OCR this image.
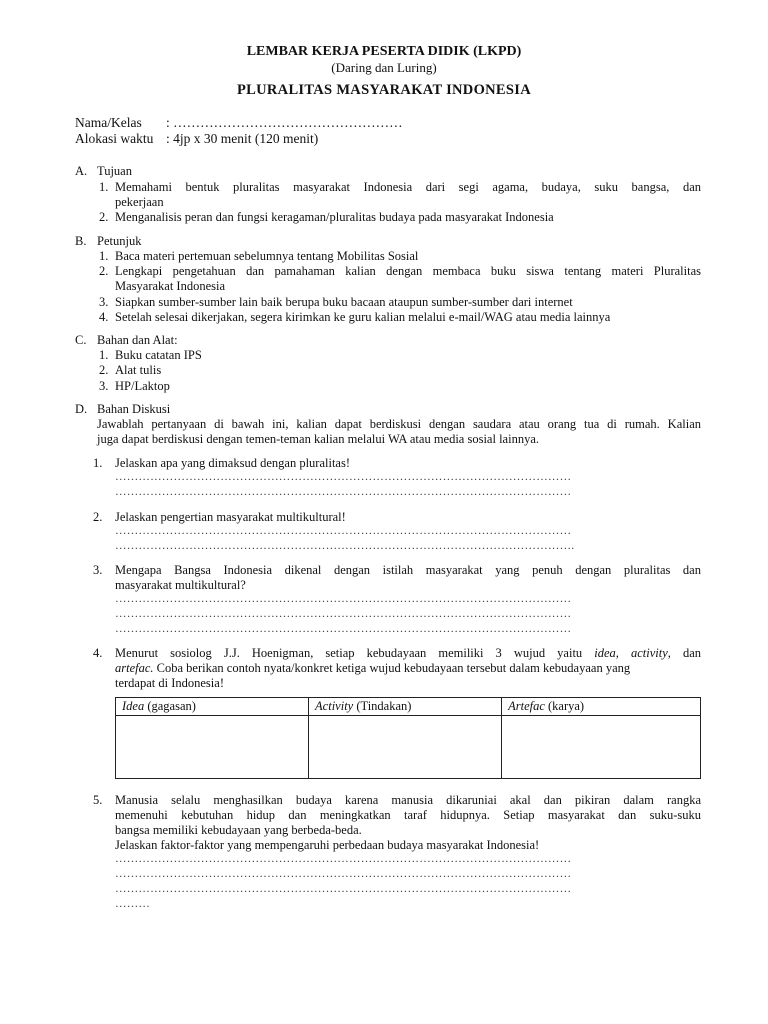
LEMBAR KERJA PESERTA DIDIK (LKPD)
(Daring dan Luring)
PLURALITAS MASYARAKAT INDONESIA
Nama/Kelas : ……………………………………………
Alokasi waktu : 4jp x 30 menit (120 menit)
A. Tujuan
1. Memahami bentuk pluralitas masyarakat Indonesia dari segi agama, budaya, suku bangsa, dan
pekerjaan
2. Menganalisis peran dan fungsi keragaman/pluralitas budaya pada masyarakat Indonesia
B. Petunjuk
1. Baca materi pertemuan sebelumnya tentang Mobilitas Sosial
2. Lengkapi pengetahuan dan pamahaman kalian dengan membaca buku siswa tentang materi Pluralitas
Masyarakat Indonesia
3. Siapkan sumber-sumber lain baik berupa buku bacaan ataupun sumber-sumber dari internet
4. Setelah selesai dikerjakan, segera kirimkan ke guru kalian melalui e-mail/WAG atau media lainnya
C. Bahan dan Alat:
1. Buku catatan IPS
2. Alat tulis
3. HP/Laktop
D. Bahan Diskusi
Jawablah pertanyaan di bawah ini, kalian dapat berdiskusi dengan saudara atau orang tua di rumah. Kalian
juga dapat berdiskusi dengan temen-teman kalian melalui WA atau media sosial lainnya.
1. Jelaskan apa yang dimaksud dengan pluralitas!
………………………………………………………………………………………………………
………………………………………………………………………………………………………
2. Jelaskan pengertian masyarakat multikultural!
………………………………………………………………………………………………………
……………………………………………………………………………………………………….
3. Mengapa Bangsa Indonesia dikenal dengan istilah masyarakat yang penuh dengan pluralitas dan
masyarakat multikultural?
………………………………………………………………………………………………………
………………………………………………………………………………………………………
………………………………………………………………………………………………………
4. Menurut sosiolog J.J. Hoenigman, setiap kebudayaan memiliki 3 wujud yaitu idea, activity, dan
artefac. Coba berikan contoh nyata/konkret ketiga wujud kebudayaan tersebut dalam kebudayaan yang
terdapat di Indonesia!
Idea (gagasan)	Activity (Tindakan)	Artefac (karya)

5. Manusia selalu menghasilkan budaya karena manusia dikaruniai akal dan pikiran dalam rangka
memenuhi kebutuhan hidup dan meningkatkan taraf hidupnya. Setiap masyarakat dan suku-suku
bangsa memiliki kebudayaan yang berbeda-beda.
Jelaskan faktor-faktor yang mempengaruhi perbedaan budaya masyarakat Indonesia!
………………………………………………………………………………………………………
………………………………………………………………………………………………………
………………………………………………………………………………………………………
………
